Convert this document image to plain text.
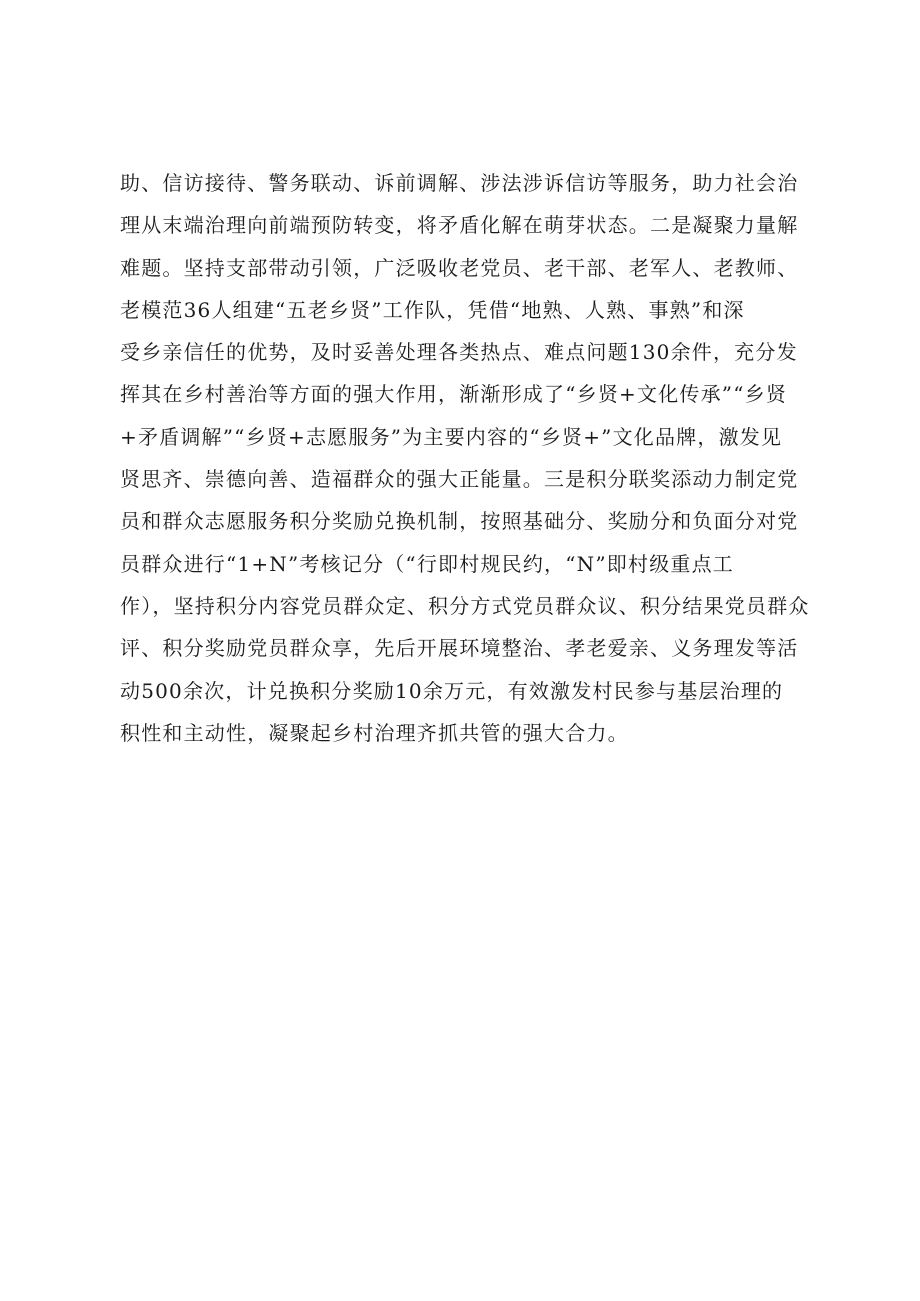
助、信访接待、警务联动、诉前调解、涉法涉诉信访等服务，助力社会治
理从末端治理向前端预防转变，将矛盾化解在萌芽状态。二是凝聚力量解
难题。坚持支部带动引领，广泛吸收老党员、老干部、老军人、老教师、
老模范36人组建“五老乡贤”工作队，凭借“地熟、人熟、事熟”和深
受乡亲信任的优势，及时妥善处理各类热点、难点问题130余件，充分发
挥其在乡村善治等方面的强大作用，渐渐形成了“乡贤+文化传承”“乡贤
+矛盾调解”“乡贤+志愿服务”为主要内容的“乡贤+”文化品牌，激发见
贤思齐、崇德向善、造福群众的强大正能量。三是积分联奖添动力制定党
员和群众志愿服务积分奖励兑换机制，按照基础分、奖励分和负面分对党
员群众进行“1+N”考核记分（“行即村规民约，“N”即村级重点工
作），坚持积分内容党员群众定、积分方式党员群众议、积分结果党员群众
评、积分奖励党员群众享，先后开展环境整治、孝老爱亲、义务理发等活
动500余次，计兑换积分奖励10余万元，有效激发村民参与基层治理的
积性和主动性，凝聚起乡村治理齐抓共管的强大合力。
